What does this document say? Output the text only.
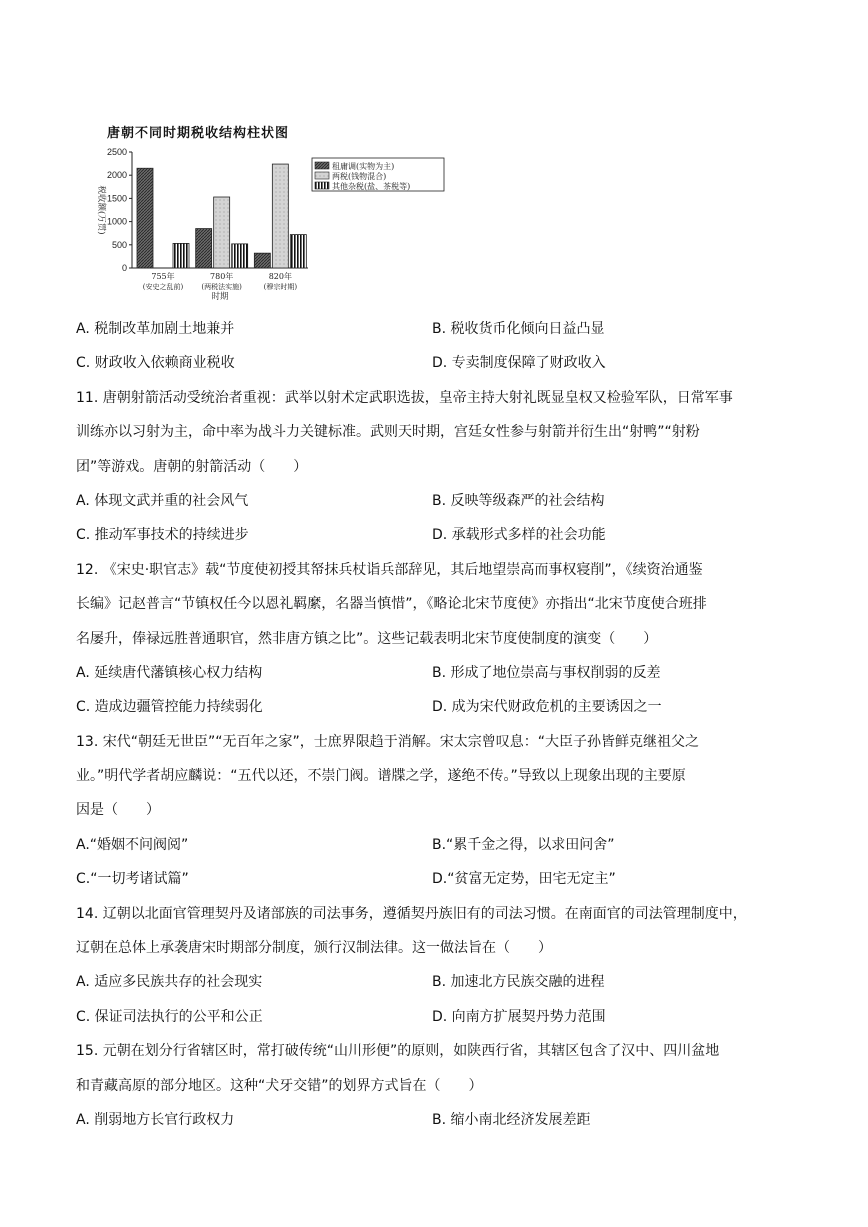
唐朝不同时期税收结构柱状图
0
500
1000
1500
2000
2500
税收额(万贯)
755年
(安史之乱前)
780年
(两税法实施)
820年
(穆宗时期)
时期
租庸调(实物为主)
两税(钱物混合)
其他杂税(盐、茶税等)
A. 税制改革加剧土地兼并	B. 税收货币化倾向日益凸显
C. 财政收入依赖商业税收	D. 专卖制度保障了财政收入
11. 唐朝射箭活动受统治者重视：武举以射术定武职选拔，皇帝主持大射礼既显皇权又检验军队，日常军事
训练亦以习射为主，命中率为战斗力关键标准。武则天时期，宫廷女性参与射箭并衍生出“射鸭”“射粉
团”等游戏。唐朝的射箭活动（　　）
A. 体现文武并重的社会风气	B. 反映等级森严的社会结构
C. 推动军事技术的持续进步	D. 承载形式多样的社会功能
12. 《宋史·职官志》载“节度使初授其帑抹兵杖诣兵部辞见，其后地望崇高而事权寝削”，《续资治通鉴
长编》记赵普言“节镇权任今以恩礼羁縻，名器当慎惜”，《略论北宋节度使》亦指出“北宋节度使合班排
名屡升，俸禄远胜普通职官，然非唐方镇之比”。这些记载表明北宋节度使制度的演变（　　）
A. 延续唐代藩镇核心权力结构	B. 形成了地位崇高与事权削弱的反差
C. 造成边疆管控能力持续弱化	D. 成为宋代财政危机的主要诱因之一
13. 宋代“朝廷无世臣”“无百年之家”，士庶界限趋于消解。宋太宗曾叹息：“大臣子孙皆鲜克继祖父之
业。”明代学者胡应麟说：“五代以还，不崇门阀。谱牒之学，遂绝不传。”导致以上现象出现的主要原
因是（　　）
A.“婚姻不问阀阅”	B.“累千金之得，以求田问舍”
C.“一切考诸试篇”	D.“贫富无定势，田宅无定主”
14. 辽朝以北面官管理契丹及诸部族的司法事务，遵循契丹族旧有的司法习惯。在南面官的司法管理制度中，
辽朝在总体上承袭唐宋时期部分制度，颁行汉制法律。这一做法旨在（　　）
A. 适应多民族共存的社会现实	B. 加速北方民族交融的进程
C. 保证司法执行的公平和公正	D. 向南方扩展契丹势力范围
15. 元朝在划分行省辖区时，常打破传统“山川形便”的原则，如陕西行省，其辖区包含了汉中、四川盆地
和青藏高原的部分地区。这种“犬牙交错”的划界方式旨在（　　）
A. 削弱地方长官行政权力	B. 缩小南北经济发展差距
